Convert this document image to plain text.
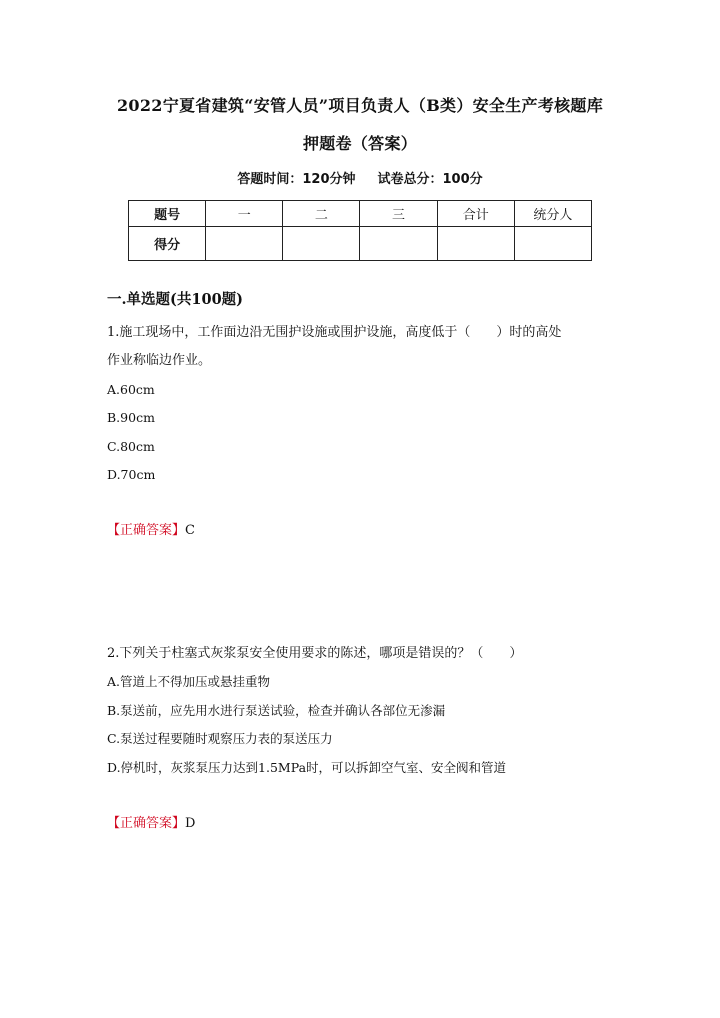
2022宁夏省建筑“安管人员”项目负责人（B类）安全生产考核题库
押题卷（答案）
答题时间：120分钟 试卷总分：100分
题号	一	二	三	合计	统分人
得分					
一.单选题(共100题)
1.施工现场中，工作面边沿无围护设施或围护设施，高度低于（　　）时的高处
作业称临边作业。
A.60cm
B.90cm
C.80cm
D.70cm
【正确答案】C
2.下列关于柱塞式灰浆泵安全使用要求的陈述，哪项是错误的？（　　）
A.管道上不得加压或悬挂重物
B.泵送前，应先用水进行泵送试验，检查并确认各部位无渗漏
C.泵送过程要随时观察压力表的泵送压力
D.停机时，灰浆泵压力达到1.5MPa时，可以拆卸空气室、安全阀和管道
【正确答案】D
